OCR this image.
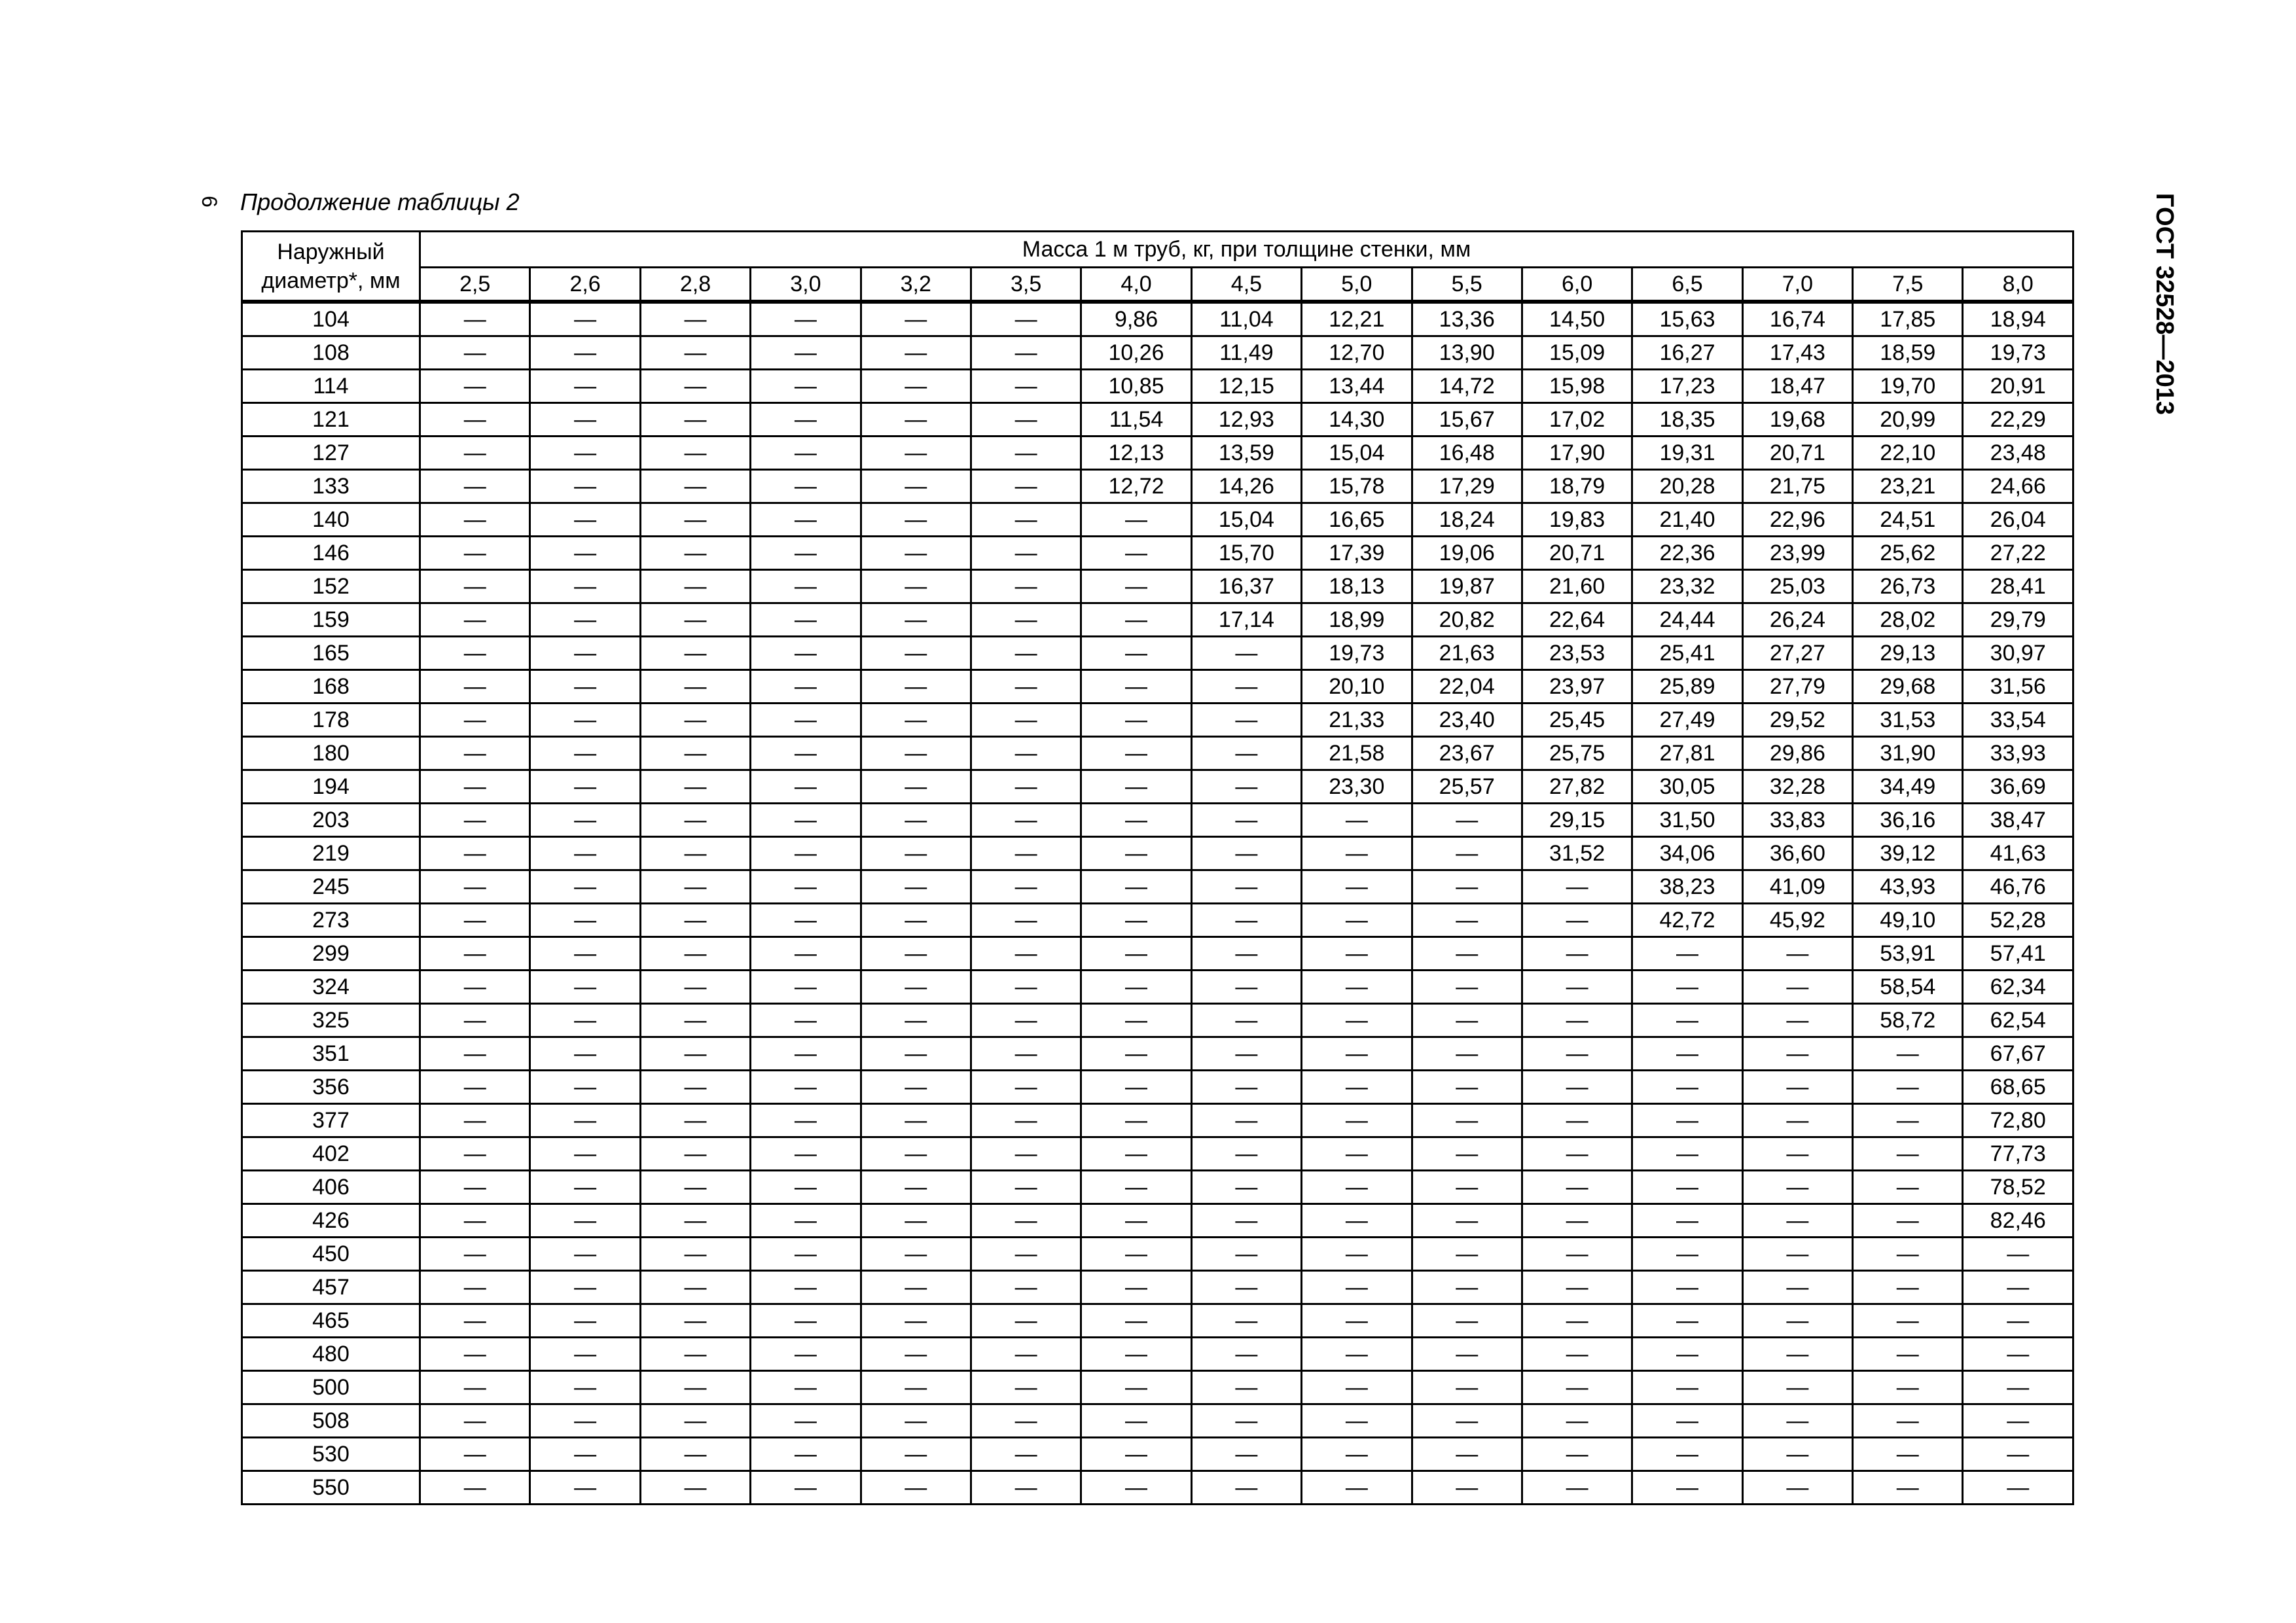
6 Продолжение таблицы 2	ГОСТ 32528—2013
Наружный диаметр*, мм	Масса 1 м труб, кг, при толщине стенки, мм														
	2,5	2,6	2,8	3,0	3,2	3,5	4,0	4,5	5,0	5,5	6,0	6,5	7,0	7,5	8,0
104	—	—	—	—	—	—	9,86	11,04	12,21	13,36	14,50	15,63	16,74	17,85	18,94
108	—	—	—	—	—	—	10,26	11,49	12,70	13,90	15,09	16,27	17,43	18,59	19,73
114	—	—	—	—	—	—	10,85	12,15	13,44	14,72	15,98	17,23	18,47	19,70	20,91
121	—	—	—	—	—	—	11,54	12,93	14,30	15,67	17,02	18,35	19,68	20,99	22,29
127	—	—	—	—	—	—	12,13	13,59	15,04	16,48	17,90	19,31	20,71	22,10	23,48
133	—	—	—	—	—	—	12,72	14,26	15,78	17,29	18,79	20,28	21,75	23,21	24,66
140	—	—	—	—	—	—	—	15,04	16,65	18,24	19,83	21,40	22,96	24,51	26,04
146	—	—	—	—	—	—	—	15,70	17,39	19,06	20,71	22,36	23,99	25,62	27,22
152	—	—	—	—	—	—	—	16,37	18,13	19,87	21,60	23,32	25,03	26,73	28,41
159	—	—	—	—	—	—	—	17,14	18,99	20,82	22,64	24,44	26,24	28,02	29,79
165	—	—	—	—	—	—	—	—	19,73	21,63	23,53	25,41	27,27	29,13	30,97
168	—	—	—	—	—	—	—	—	20,10	22,04	23,97	25,89	27,79	29,68	31,56
178	—	—	—	—	—	—	—	—	21,33	23,40	25,45	27,49	29,52	31,53	33,54
180	—	—	—	—	—	—	—	—	21,58	23,67	25,75	27,81	29,86	31,90	33,93
194	—	—	—	—	—	—	—	—	23,30	25,57	27,82	30,05	32,28	34,49	36,69
203	—	—	—	—	—	—	—	—	—	—	29,15	31,50	33,83	36,16	38,47
219	—	—	—	—	—	—	—	—	—	—	31,52	34,06	36,60	39,12	41,63
245	—	—	—	—	—	—	—	—	—	—	—	38,23	41,09	43,93	46,76
273	—	—	—	—	—	—	—	—	—	—	—	42,72	45,92	49,10	52,28
299	—	—	—	—	—	—	—	—	—	—	—	—	—	53,91	57,41
324	—	—	—	—	—	—	—	—	—	—	—	—	—	58,54	62,34
325	—	—	—	—	—	—	—	—	—	—	—	—	—	58,72	62,54
351	—	—	—	—	—	—	—	—	—	—	—	—	—	—	67,67
356	—	—	—	—	—	—	—	—	—	—	—	—	—	—	68,65
377	—	—	—	—	—	—	—	—	—	—	—	—	—	—	72,80
402	—	—	—	—	—	—	—	—	—	—	—	—	—	—	77,73
406	—	—	—	—	—	—	—	—	—	—	—	—	—	—	78,52
426	—	—	—	—	—	—	—	—	—	—	—	—	—	—	82,46
450	—	—	—	—	—	—	—	—	—	—	—	—	—	—	—
457	—	—	—	—	—	—	—	—	—	—	—	—	—	—	—
465	—	—	—	—	—	—	—	—	—	—	—	—	—	—	—
480	—	—	—	—	—	—	—	—	—	—	—	—	—	—	—
500	—	—	—	—	—	—	—	—	—	—	—	—	—	—	—
508	—	—	—	—	—	—	—	—	—	—	—	—	—	—	—
530	—	—	—	—	—	—	—	—	—	—	—	—	—	—	—
550	—	—	—	—	—	—	—	—	—	—	—	—	—	—	—
